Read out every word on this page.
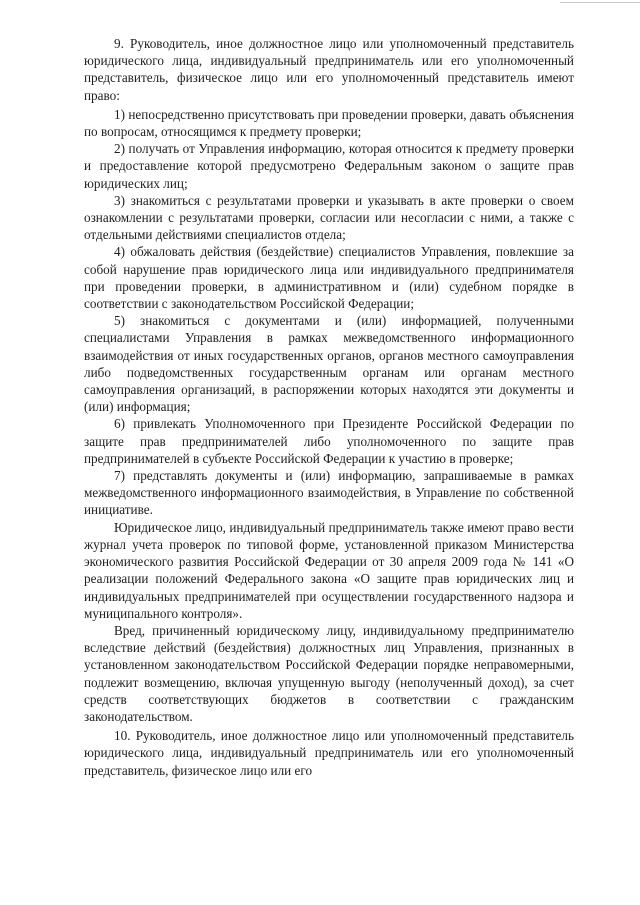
9. Руководитель, иное должностное лицо или уполномоченный представитель юридического лица, индивидуальный предприниматель или его уполномоченный представитель, физическое лицо или его уполномоченный представитель имеют право:

1) непосредственно присутствовать при проведении проверки, давать объяснения по вопросам, относящимся к предмету проверки;

2) получать от Управления информацию, которая относится к предмету проверки и предоставление которой предусмотрено Федеральным законом о защите прав юридических лиц;

3) знакомиться с результатами проверки и указывать в акте проверки о своем ознакомлении с результатами проверки, согласии или несогласии с ними, а также с отдельными действиями специалистов отдела;

4) обжаловать действия (бездействие) специалистов Управления, повлекшие за собой нарушение прав юридического лица или индивидуального предпринимателя при проведении проверки, в административном и (или) судебном порядке в соответствии с законодательством Российской Федерации;

5) знакомиться с документами и (или) информацией, полученными специалистами Управления в рамках межведомственного информационного взаимодействия от иных государственных органов, органов местного самоуправления либо подведомственных государственным органам или органам местного самоуправления организаций, в распоряжении которых находятся эти документы и (или) информация;

6) привлекать Уполномоченного при Президенте Российской Федерации по защите прав предпринимателей либо уполномоченного по защите прав предпринимателей в субъекте Российской Федерации к участию в проверке;

7) представлять документы и (или) информацию, запрашиваемые в рамках межведомственного информационного взаимодействия, в Управление по собственной инициативе.

Юридическое лицо, индивидуальный предприниматель также имеют право вести журнал учета проверок по типовой форме, установленной приказом Министерства экономического развития Российской Федерации от 30 апреля 2009 года № 141 «О реализации положений Федерального закона «О защите прав юридических лиц и индивидуальных предпринимателей при осуществлении государственного надзора и муниципального контроля».

Вред, причиненный юридическому лицу, индивидуальному предпринимателю вследствие действий (бездействия) должностных лиц Управления, признанных в установленном законодательством Российской Федерации порядке неправомерными, подлежит возмещению, включая упущенную выгоду (неполученный доход), за счет средств соответствующих бюджетов в соответствии с гражданским законодательством.

10. Руководитель, иное должностное лицо или уполномоченный представитель юридического лица, индивидуальный предприниматель или его уполномоченный представитель, физическое лицо или его
